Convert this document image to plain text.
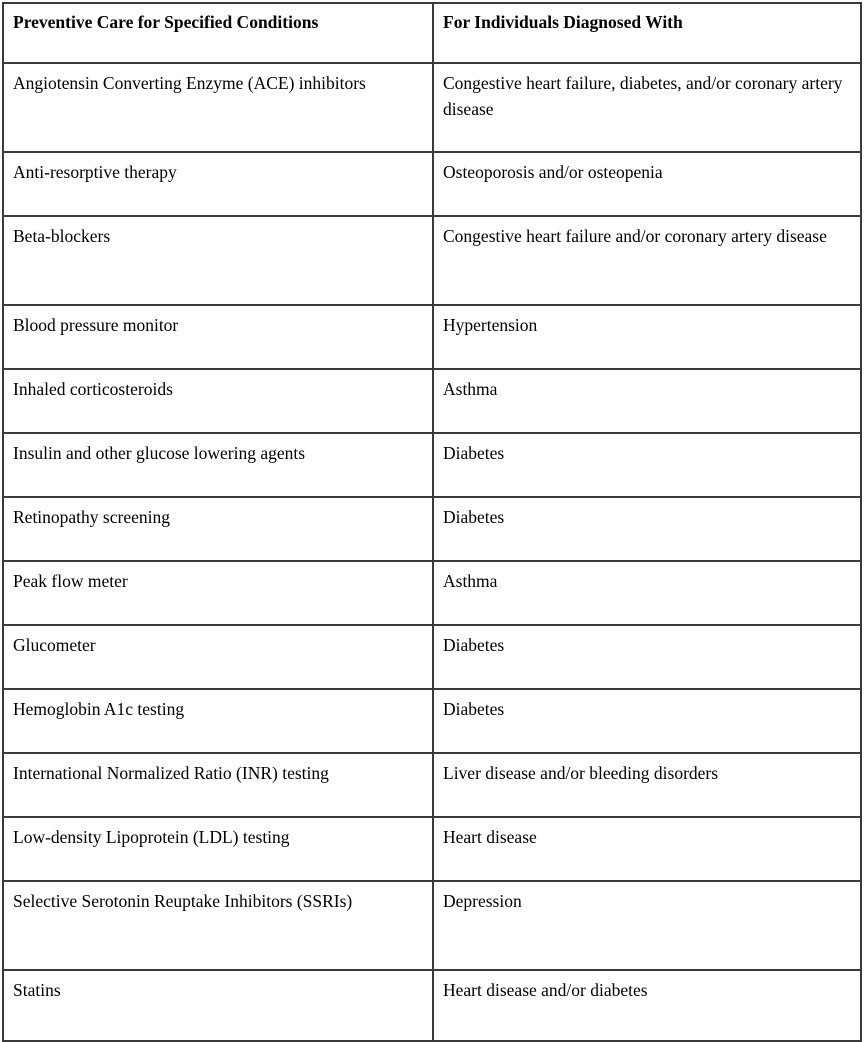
Preventive Care for Specified Conditions	For Individuals Diagnosed With

Angiotensin Converting Enzyme (ACE) inhibitors	Congestive heart failure, diabetes, and/or coronary artery disease

Anti-resorptive therapy	Osteoporosis and/or osteopenia

Beta-blockers	Congestive heart failure and/or coronary artery disease

Blood pressure monitor	Hypertension

Inhaled corticosteroids	Asthma

Insulin and other glucose lowering agents	Diabetes

Retinopathy screening	Diabetes

Peak flow meter	Asthma

Glucometer	Diabetes

Hemoglobin A1c testing	Diabetes

International Normalized Ratio (INR) testing	Liver disease and/or bleeding disorders

Low-density Lipoprotein (LDL) testing	Heart disease

Selective Serotonin Reuptake Inhibitors (SSRIs)	Depression

Statins	Heart disease and/or diabetes
